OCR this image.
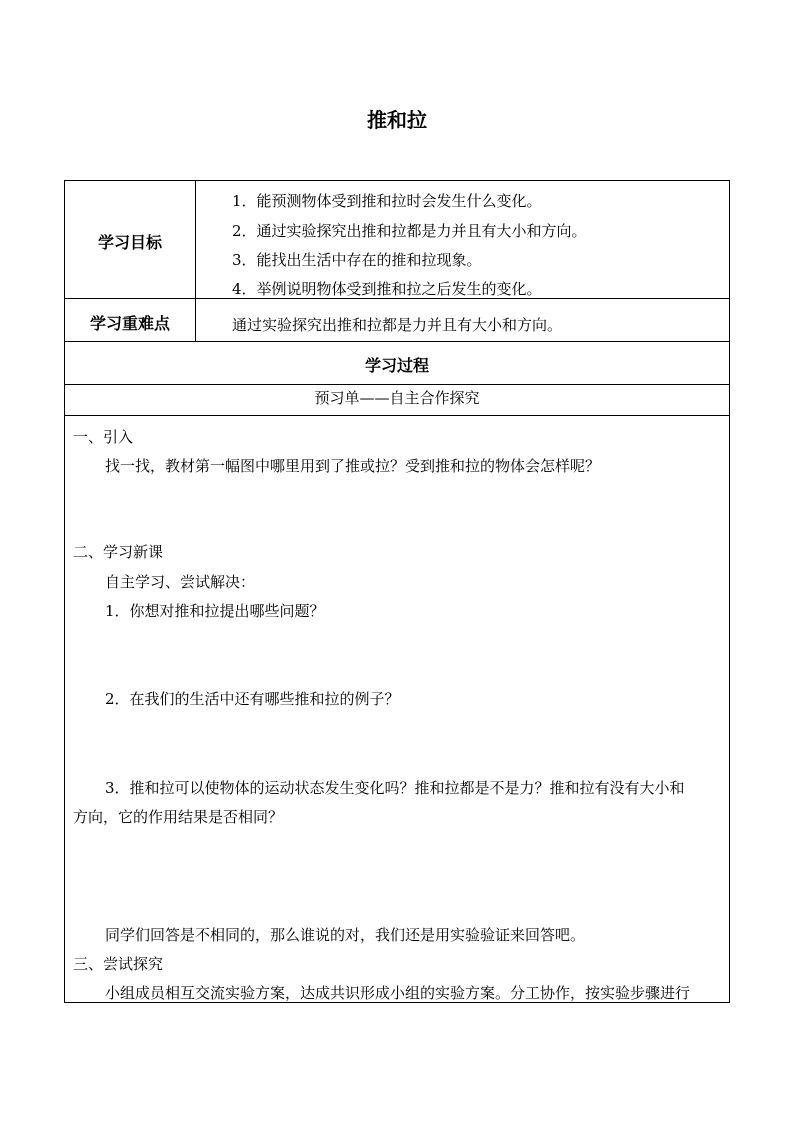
推和拉
学习目标
1．能预测物体受到推和拉时会发生什么变化。
2．通过实验探究出推和拉都是力并且有大小和方向。
3．能找出生活中存在的推和拉现象。
4．举例说明物体受到推和拉之后发生的变化。
学习重难点	通过实验探究出推和拉都是力并且有大小和方向。
学习过程
预习单——自主合作探究
一、引入
找一找，教材第一幅图中哪里用到了推或拉？受到推和拉的物体会怎样呢？
二、学习新课
自主学习、尝试解决：
1．你想对推和拉提出哪些问题？
2．在我们的生活中还有哪些推和拉的例子？
3．推和拉可以使物体的运动状态发生变化吗？推和拉都是不是力？推和拉有没有大小和
方向，它的作用结果是否相同？
同学们回答是不相同的，那么谁说的对，我们还是用实验验证来回答吧。
三、尝试探究
小组成员相互交流实验方案，达成共识形成小组的实验方案。分工协作，按实验步骤进行
